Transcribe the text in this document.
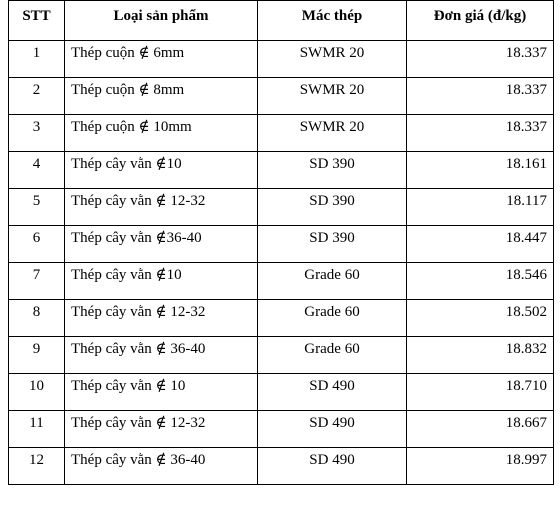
STT	Loại sản phẩm	Mác thép	Đơn giá (đ/kg)
1	Thép cuộn ∉ 6mm	SWMR 20	18.337
2	Thép cuộn ∉ 8mm	SWMR 20	18.337
3	Thép cuộn ∉ 10mm	SWMR 20	18.337
4	Thép cây vằn ∉10	SD 390	18.161
5	Thép cây vằn ∉ 12-32	SD 390	18.117
6	Thép cây vằn ∉36-40	SD 390	18.447
7	Thép cây vằn ∉10	Grade 60	18.546
8	Thép cây vằn ∉ 12-32	Grade 60	18.502
9	Thép cây vằn ∉ 36-40	Grade 60	18.832
10	Thép cây vằn ∉ 10	SD 490	18.710
11	Thép cây vằn ∉ 12-32	SD 490	18.667
12	Thép cây vằn ∉ 36-40	SD 490	18.997
